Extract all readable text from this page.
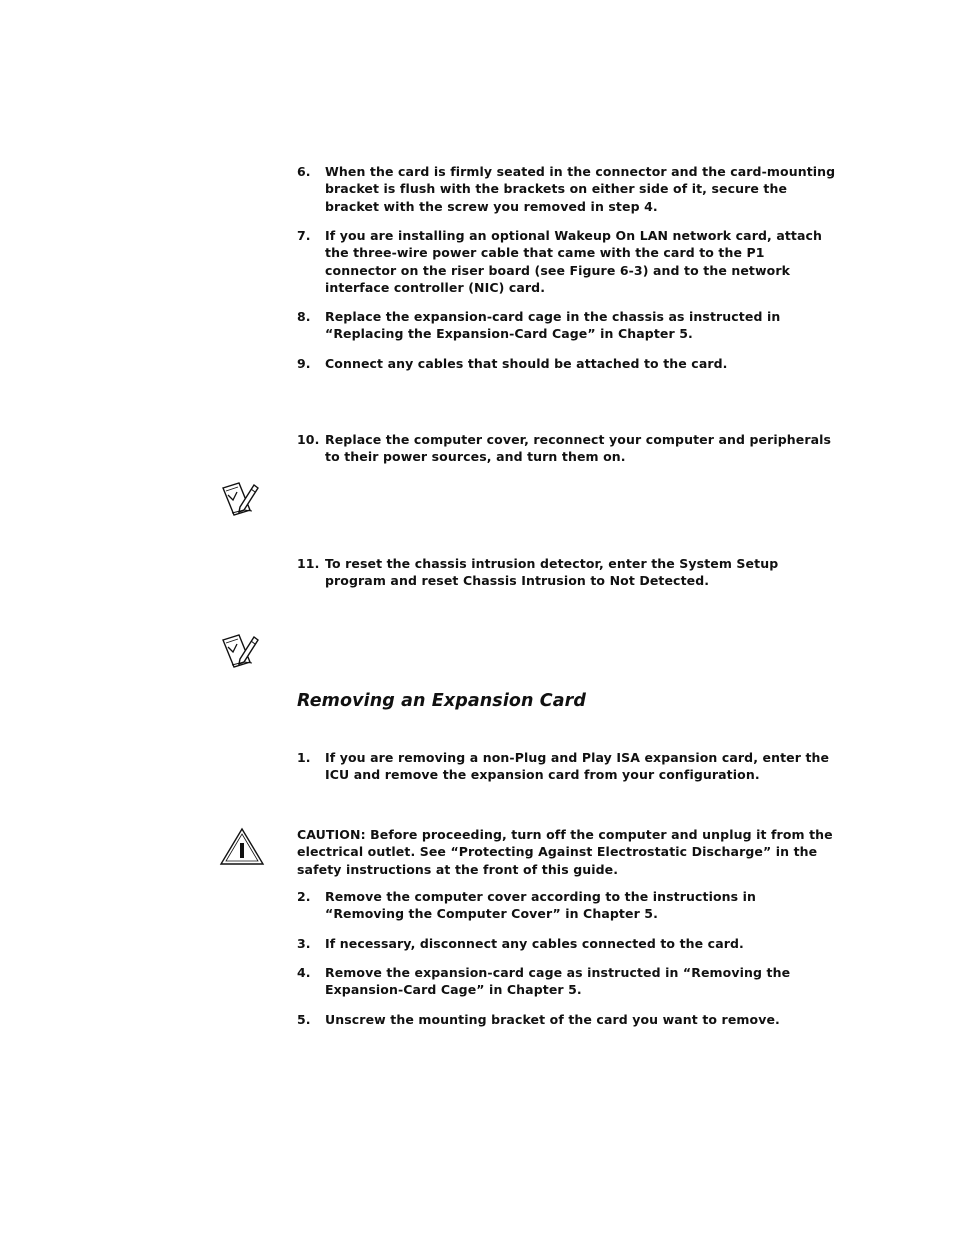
6. When the card is firmly seated in the connector and the card-mounting bracket is flush with the brackets on either side of it, secure the bracket with the screw you removed in step 4.
7. If you are installing an optional Wakeup On LAN network card, attach the three-wire power cable that came with the card to the P1 connector on the riser board (see Figure 6-3) and to the network interface controller (NIC) card.
8. Replace the expansion-card cage in the chassis as instructed in “Replacing the Expansion-Card Cage” in Chapter 5.
9. Connect any cables that should be attached to the card.
10. Replace the computer cover, reconnect your computer and peripherals to their power sources, and turn them on.
11. To reset the chassis intrusion detector, enter the System Setup program and reset Chassis Intrusion to Not Detected.
Removing an Expansion Card
1. If you are removing a non-Plug and Play ISA expansion card, enter the ICU and remove the expansion card from your configuration.
CAUTION: Before proceeding, turn off the computer and unplug it from the electrical outlet. See “Protecting Against Electrostatic Discharge” in the safety instructions at the front of this guide.
2. Remove the computer cover according to the instructions in “Removing the Computer Cover” in Chapter 5.
3. If necessary, disconnect any cables connected to the card.
4. Remove the expansion-card cage as instructed in “Removing the Expansion-Card Cage” in Chapter 5.
5. Unscrew the mounting bracket of the card you want to remove.
